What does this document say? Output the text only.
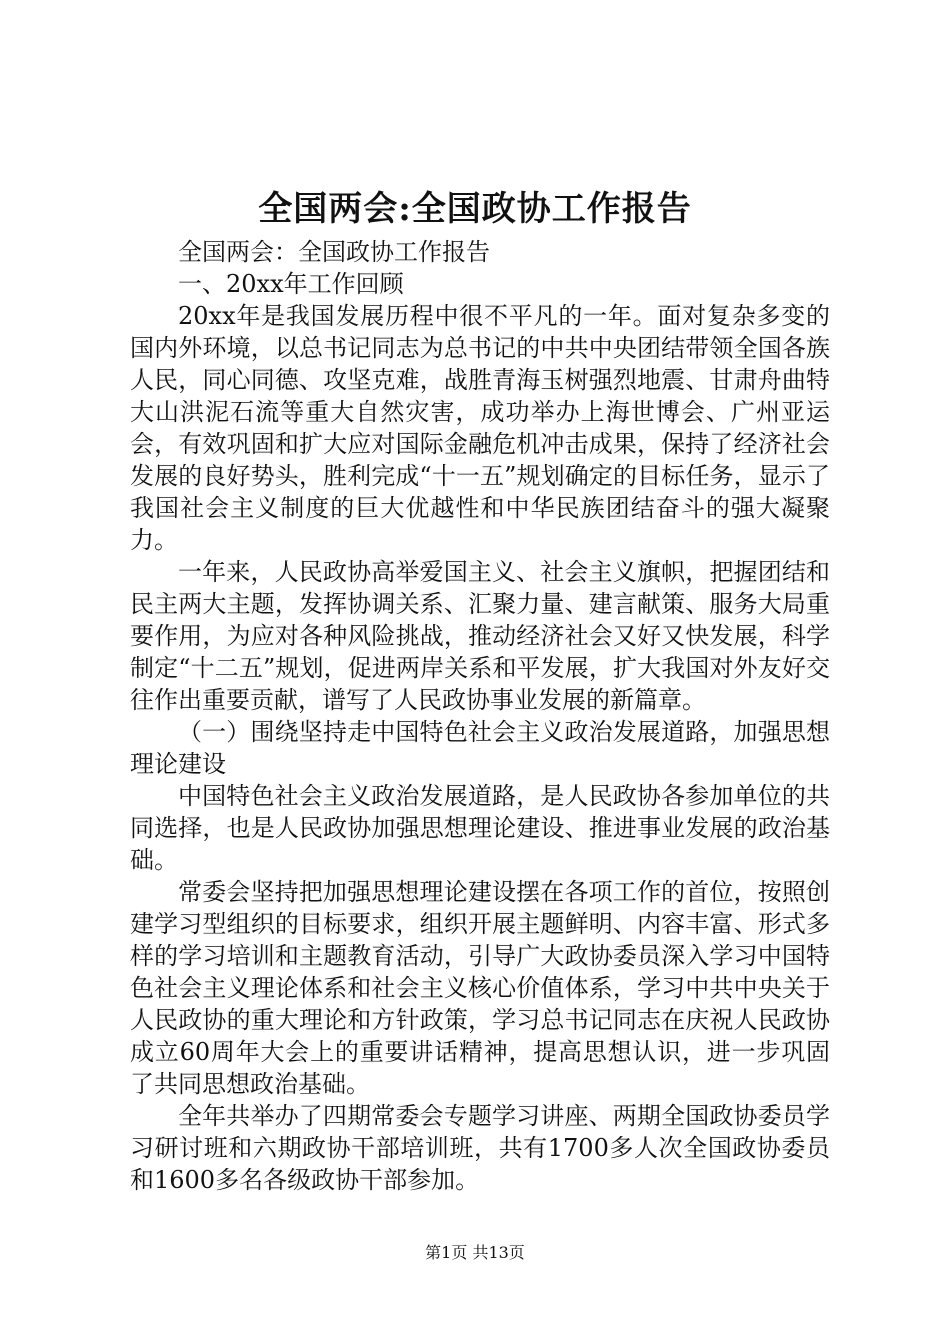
全国两会:全国政协工作报告

全国两会：全国政协工作报告

一、20xx年工作回顾

20xx年是我国发展历程中很不平凡的一年。面对复杂多变的国内外环境，以总书记同志为总书记的中共中央团结带领全国各族人民，同心同德、攻坚克难，战胜青海玉树强烈地震、甘肃舟曲特大山洪泥石流等重大自然灾害，成功举办上海世博会、广州亚运会，有效巩固和扩大应对国际金融危机冲击成果，保持了经济社会发展的良好势头，胜利完成“十一五”规划确定的目标任务，显示了我国社会主义制度的巨大优越性和中华民族团结奋斗的强大凝聚力。

一年来，人民政协高举爱国主义、社会主义旗帜，把握团结和民主两大主题，发挥协调关系、汇聚力量、建言献策、服务大局重要作用，为应对各种风险挑战，推动经济社会又好又快发展，科学制定“十二五”规划，促进两岸关系和平发展，扩大我国对外友好交往作出重要贡献，谱写了人民政协事业发展的新篇章。

（一）围绕坚持走中国特色社会主义政治发展道路，加强思想理论建设

中国特色社会主义政治发展道路，是人民政协各参加单位的共同选择，也是人民政协加强思想理论建设、推进事业发展的政治基础。

常委会坚持把加强思想理论建设摆在各项工作的首位，按照创建学习型组织的目标要求，组织开展主题鲜明、内容丰富、形式多样的学习培训和主题教育活动，引导广大政协委员深入学习中国特色社会主义理论体系和社会主义核心价值体系，学习中共中央关于人民政协的重大理论和方针政策，学习总书记同志在庆祝人民政协成立60周年大会上的重要讲话精神，提高思想认识，进一步巩固了共同思想政治基础。

全年共举办了四期常委会专题学习讲座、两期全国政协委员学习研讨班和六期政协干部培训班，共有1700多人次全国政协委员和1600多名各级政协干部参加。

第1页 共13页
